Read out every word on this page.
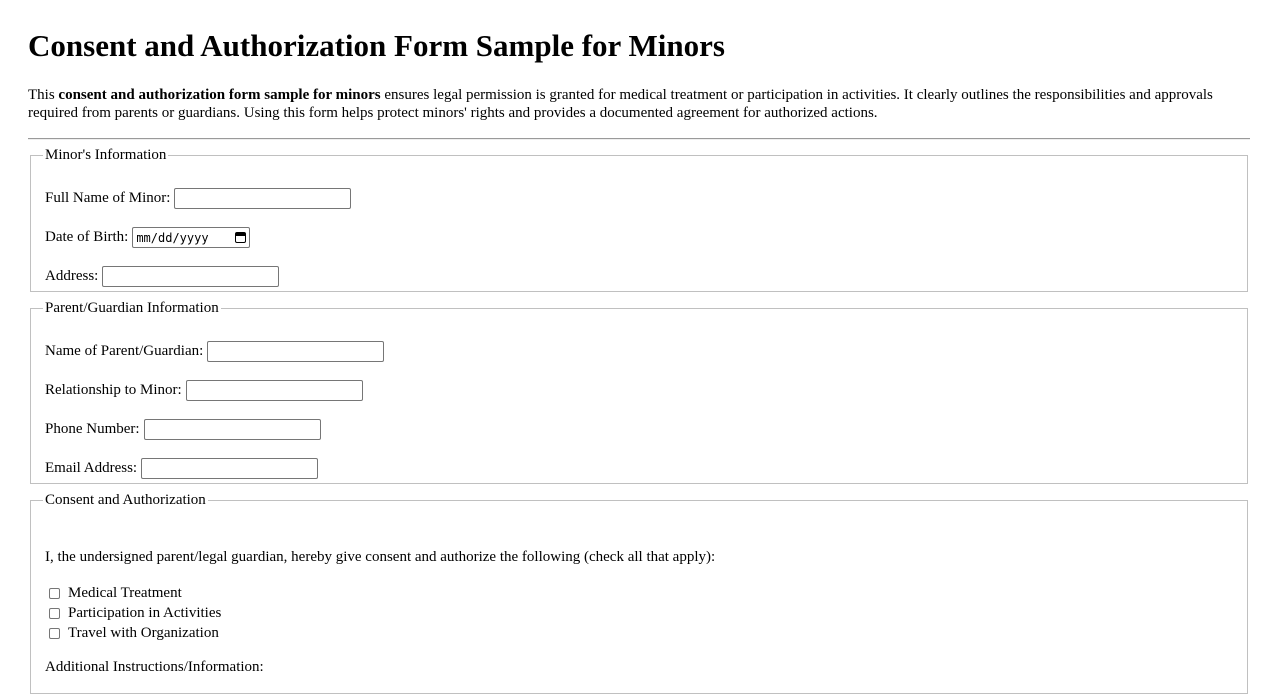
Consent and Authorization Form Sample for Minors

This consent and authorization form sample for minors ensures legal permission is granted for medical treatment or participation in activities. It clearly outlines the responsibilities and approvals required from parents or guardians. Using this form helps protect minors' rights and provides a documented agreement for authorized actions.

Minor's Information
Full Name of Minor:
Date of Birth: mm/dd/yyyy
Address:
Parent/Guardian Information
Name of Parent/Guardian:
Relationship to Minor:
Phone Number:
Email Address:
Consent and Authorization

I, the undersigned parent/legal guardian, hereby give consent and authorize the following (check all that apply):

Medical Treatment
Participation in Activities
Travel with Organization

Additional Instructions/Information:
